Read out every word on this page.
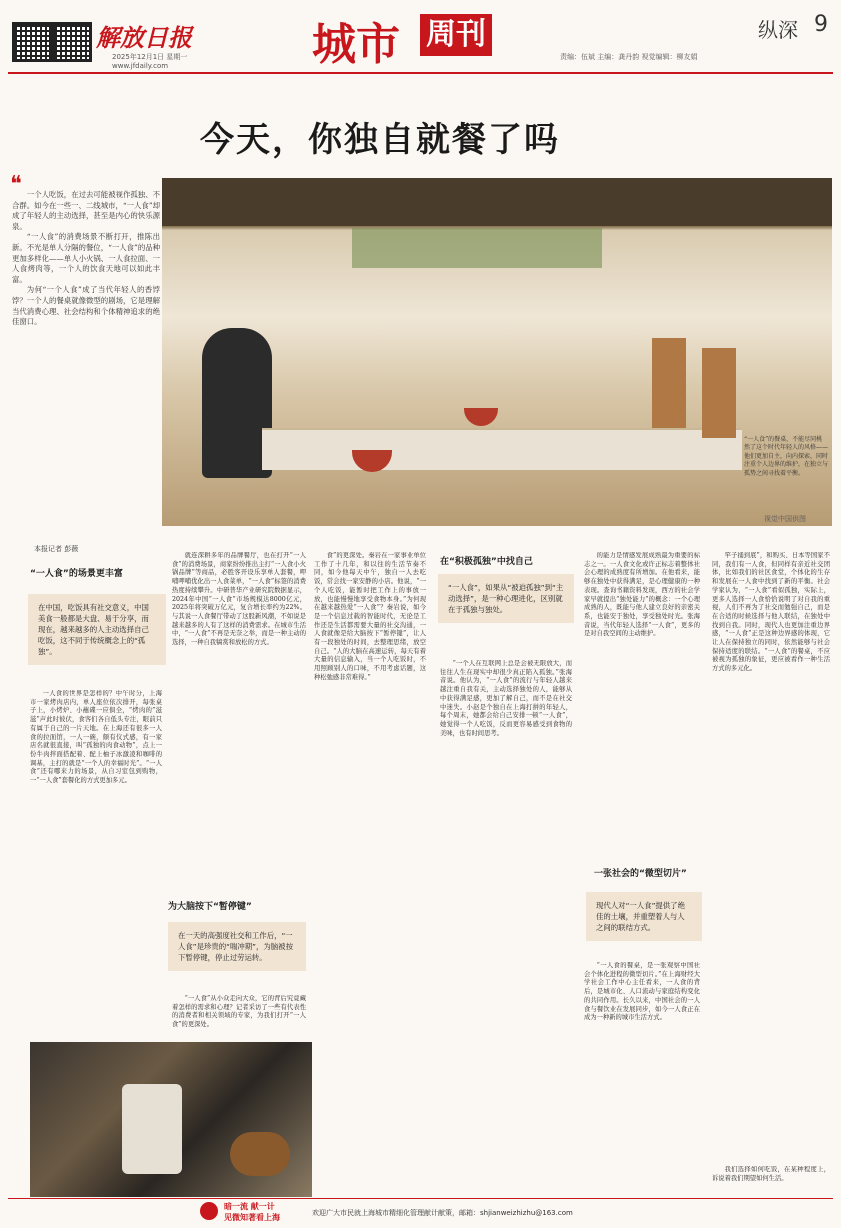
解放日报
2025年12月1日 星期一
www.jfdaily.com	城市 周刊	纵深 9
责编：伍斌 主编：龚丹韵 视觉编辑：柳友娟
今天，你独自就餐了吗
❝ 一个人吃饭，在过去可能被视作孤独、不合群。如今在一些一、二线城市，“一人食”却成了年轻人的主动选择，甚至是内心的快乐源泉。

“一人食”的消费场景不断打开，推陈出新。不光是单人分隔的餐位，“一人食”的品种更加多样化——单人小火锅、一人食拉面、一人食烤肉等，一个人的饮食天地可以如此丰富。

为何“一个人食”成了当代年轻人的香饽饽？一个人的餐桌就像微型的剧场，它是理解当代消费心理、社会结构和个体精神追求的绝佳窗口。

“一人食”的餐桌，不能尽同桃然了这个时代年轻人的风格——他们更加自主，向内探索，同时注重个人边界的维护，在独立与孤势之间寻找着平衡。
视觉中国供图
本报记者 彭薇
“一人食”的场景更丰富
在中国，吃饭具有社交意义，中国美食一般都是大盘、易于分享，而现在，越来越多的人主动选择自己吃饭，这不同于传统概念上的“孤独”。

一人食的世界是怎样的？中午时分，上海市一家烤肉店内，单人座位依次排开，每张桌子上，小烤炉、小蘸碟一应俱全，“烤肉的”滋滋”声此时彼伏，食客们各自低头专注，眼前只有属于自己的一片天地。在上海还有很多一人食的拉面馆，一人一碗，颇有仪式感，有一家店名就很直接，叫“孤独的肉食动物”，点上一份牛肉拌面搭配着、配上柚子冰激凌和咖啡的调基，主打的就是“一个人的幸福时光”。“一人食”还有哪来力的场景，从自习室包到购物，一“一人食”套餐化的方式更加多元。

就连深耕多年的品牌餐厅，也在打开“一人食”的消费场景，商家纷纷推出主打“一人食小火锅品牌”等商品，必胜客开设乐享单人套餐，呷哺呷哺优化出一人食菜单，“一人食”标签的消费热度持续攀升。中研普华产业研究院数据显示，2024年中国“一人食”市场规模达8000亿元，2025年将突破万亿元，复合增长率约为22%。与其说一人食餐厅带动了这股新风潮，不如说是越来越多的人有了这样的消费需求。在城市生活中，“一人食”不再是无奈之举，而是一种主动的选择，一种自我犒赏和放松的方式。

为大脑按下“暂停键”
在一天的高强度社交和工作后，“一人食”是珍贵的“喘冲期”，为脑被按下暂停键，停止过劳运转。

“一人食”从小众走向大众，它的背后究竟藏着怎样的需求和心理？记者采访了一些有代表性的消费者和相关领域的专家，为我们打开“一人食”的更深处。

食”的更深处。秦岩在一家事业单位工作了十几年，和以往的生活节奏不同，如今他每天中午，独自一人去吃饭，常会找一家安静的小店。他说，“一个人吃饭，能暂时把工作上的事放一放，也能慢慢地享受食物本身。”为何现在越来越热爱“一人食”？秦岩说，如今是一个信息过载的智能时代，无论是工作还是生活都需要大量的社交沟通，一人食就像是给大脑按下“暂停键”，让人有一段独处的时间，去整理思绪，放空自己。“人的大脑在高速运转，每天有着大量的信息输入，当一个人吃饭时，不用照顾别人的口味，不用考虑话题，这种松弛感非常难得。”

在“积极孤独”中找自己
“一人食”，如果从“被迫孤独”到“主动选择”，是一种心理进化，区别就在于孤独与独处。

“一个人在互联网上总是会被无限放大，而往往人生在现实中却很少真正陷入孤独。”张海音说。他认为，“一人食”的流行与年轻人越来越注重自我有关，主动选择独处的人，能够从中获得满足感，更加了解自己，而不是在社交中迷失。小赵是个独自在上海打拼的年轻人，每个周末，她都会给自己安排一顿“一人食”，她觉得一个人吃饭，反而更容易感受到食物的美味，也有时间思考。

的能力是情感发展成熟最为重要的标志之一。一人食文化或许正标志着整体社会心理的成熟度有所增加。在他看来，能够在独处中获得满足，是心理健康的一种表现。查询书籍资料发现，西方的社会学家早就提出“独处能力”的概念：一个心理成熟的人，既能与他人建立良好的亲密关系，也能安于独处，享受独处时光。张海音说，当代年轻人选择“一人食”，更多的是对自我空间的主动维护。

一张社会的“微型切片”
现代人对“一人食”提供了绝佳的土壤，并重塑着人与人之间的联结方式。

“一人食的餐桌，是一张观察中国社会个体化进程的微型切片。”在上海财经大学社会工作中心主任看来，一人食的背后，是城市化、人口流动与家庭结构变化的共同作用。长久以来，中国社会的一人食与餐饮业在发展同步，如今一人食正在成为一种新的城市生活方式。

竿子捅到底”，和购买、日本等国家不同，我们有一人食，但同样有亲近社交团体，比如我们的社区食堂，个体化的生存和发展在一人食中找到了新的平衡。社会学家认为，“一人食”看似孤独，实际上，更多人选择一人食恰恰说明了对自我的重视，人们不再为了社交而勉强自己，而是在合适的时候选择与他人联结，在独处中找到自我。同时，现代人也更加注重边界感，“一人食”正是这种边界感的体现，它让人在保持独立的同时，依然能够与社会保持适度的联结。“一人食”的餐桌，不应被视为孤独的象征，更应被看作一种生活方式的多元化。

我们选择如何吃饭，在某种程度上，诉说着我们期望如何生活。

暗一流 献一计
见微知著看上海	欢迎广大市民就上海城市精细化管理献计献策，邮箱：shjianweizhizhu@163.com
